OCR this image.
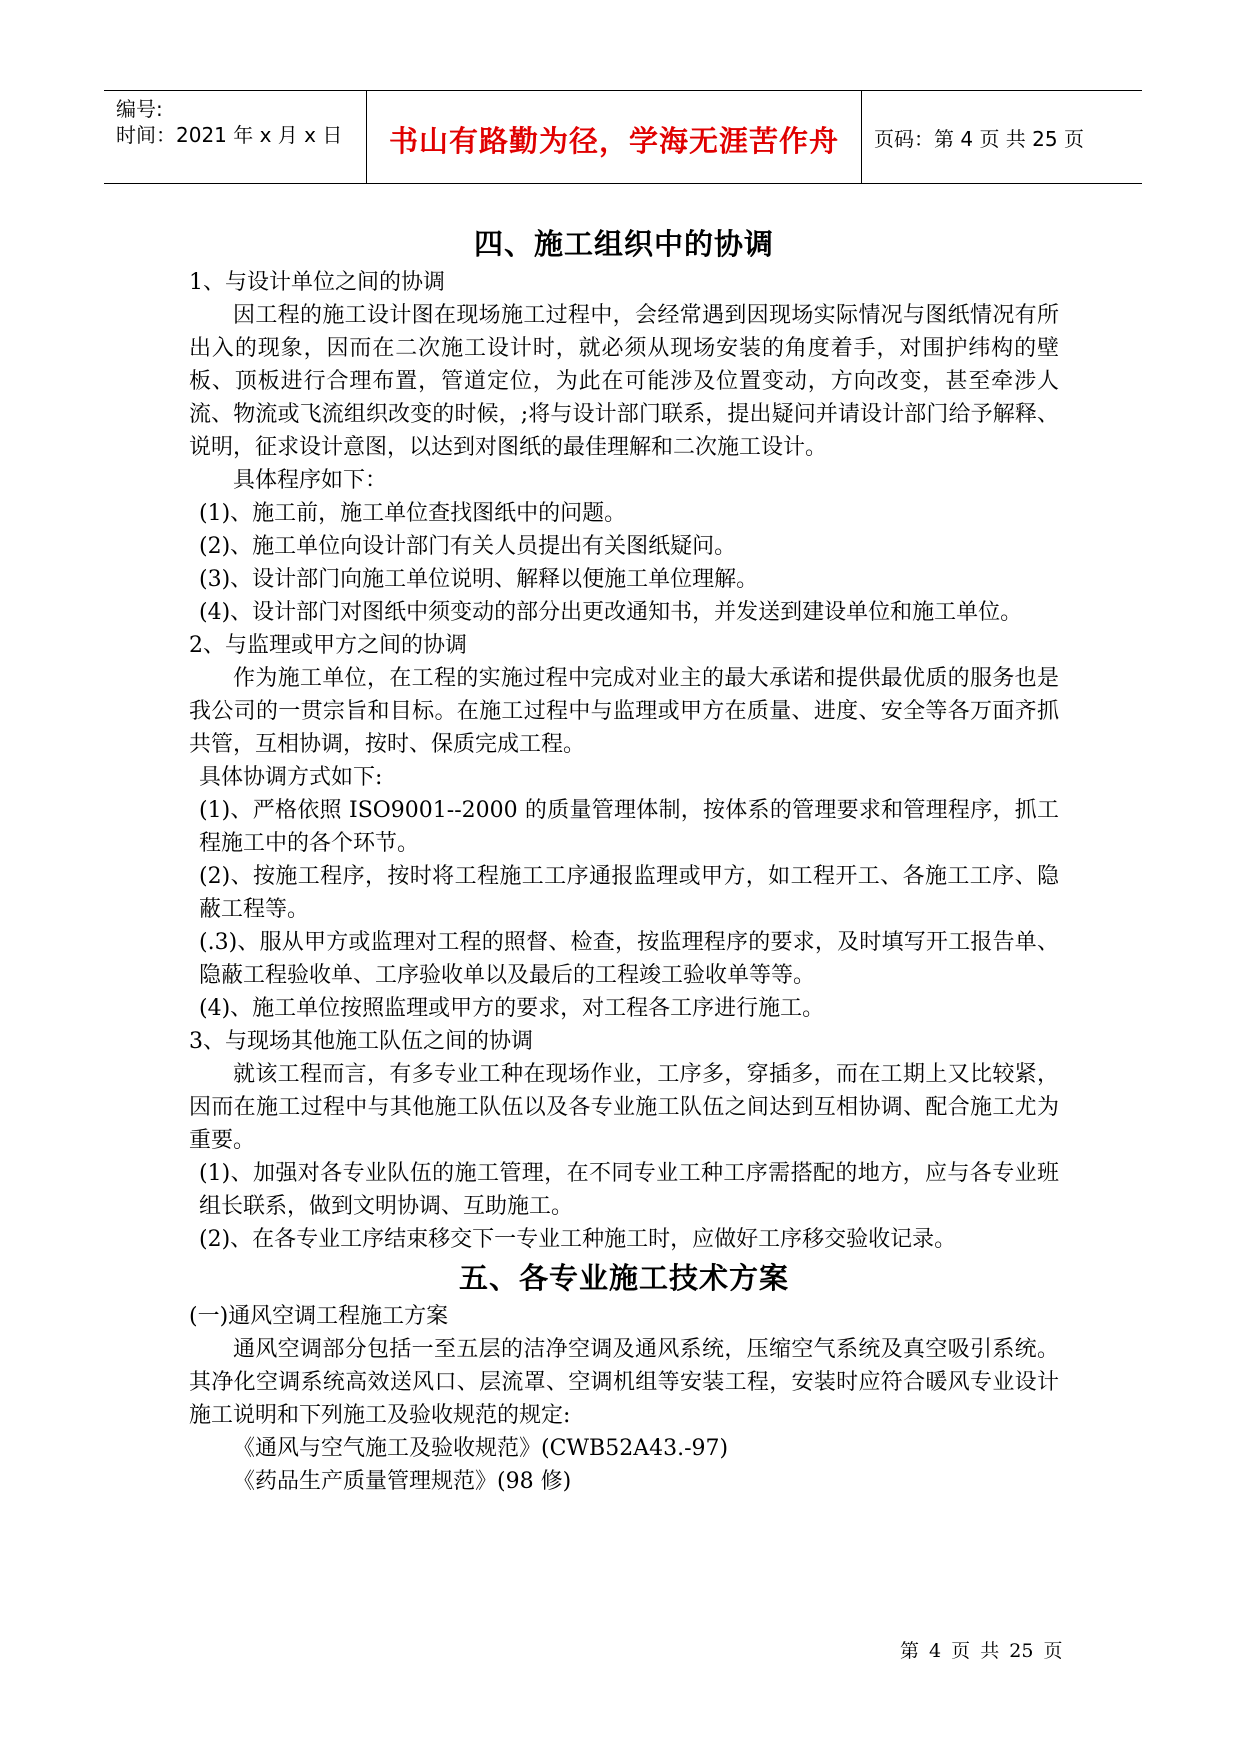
编号:
时间：2021 年 x 月 x 日	书山有路勤为径，学海无涯苦作舟	页码：第 4 页 共 25 页
四、施工组织中的协调

1、与设计单位之间的协调

因工程的施工设计图在现场施工过程中，会经常遇到因现场实际情况与图纸情况有所出入的现象，因而在二次施工设计时，就必须从现场安装的角度着手，对围护纬构的壁板、顶板进行合理布置，管道定位，为此在可能涉及位置变动，方向改变，甚至牵涉人流、物流或飞流组织改变的时候，;将与设计部门联系，提出疑问并请设计部门给予解释、说明，征求设计意图，以达到对图纸的最佳理解和二次施工设计。

具体程序如下：

(1)、施工前，施工单位查找图纸中的问题。

(2)、施工单位向设计部门有关人员提出有关图纸疑问。

(3)、设计部门向施工单位说明、解释以便施工单位理解。

(4)、设计部门对图纸中须变动的部分出更改通知书，并发送到建设单位和施工单位。

2、与监理或甲方之间的协调

作为施工单位，在工程的实施过程中完成对业主的最大承诺和提供最优质的服务也是我公司的一贯宗旨和目标。在施工过程中与监理或甲方在质量、进度、安全等各万面齐抓共管，互相协调，按时、保质完成工程。

具体协调方式如下:

(1)、严格依照 ISO9001--2000 的质量管理体制，按体系的管理要求和管理程序，抓工程施工中的各个环节。

(2)、按施工程序，按时将工程施工工序通报监理或甲方，如工程开工、各施工工序、隐蔽工程等。

(.3)、服从甲方或监理对工程的照督、检查，按监理程序的要求，及时填写开工报告单、隐蔽工程验收单、工序验收单以及最后的工程竣工验收单等等。

(4)、施工单位按照监理或甲方的要求，对工程各工序进行施工。

3、与现场其他施工队伍之间的协调

就该工程而言，有多专业工种在现场作业，工序多，穿插多，而在工期上又比较紧，因而在施工过程中与其他施工队伍以及各专业施工队伍之间达到互相协调、配合施工尤为重要。

(1)、加强对各专业队伍的施工管理，在不同专业工种工序需搭配的地方，应与各专业班组长联系，做到文明协调、互助施工。

(2)、在各专业工序结束移交下一专业工种施工时，应做好工序移交验收记录。

五、各专业施工技术方案

(一)通风空调工程施工方案

通风空调部分包括一至五层的洁净空调及通风系统，压缩空气系统及真空吸引系统。其净化空调系统高效送风口、层流罩、空调机组等安装工程，安装时应符合暖风专业设计施工说明和下列施工及验收规范的规定:

《通风与空气施工及验收规范》(CWB52A43.-97)

《药品生产质量管理规范》(98 修)

第 4 页 共 25 页
